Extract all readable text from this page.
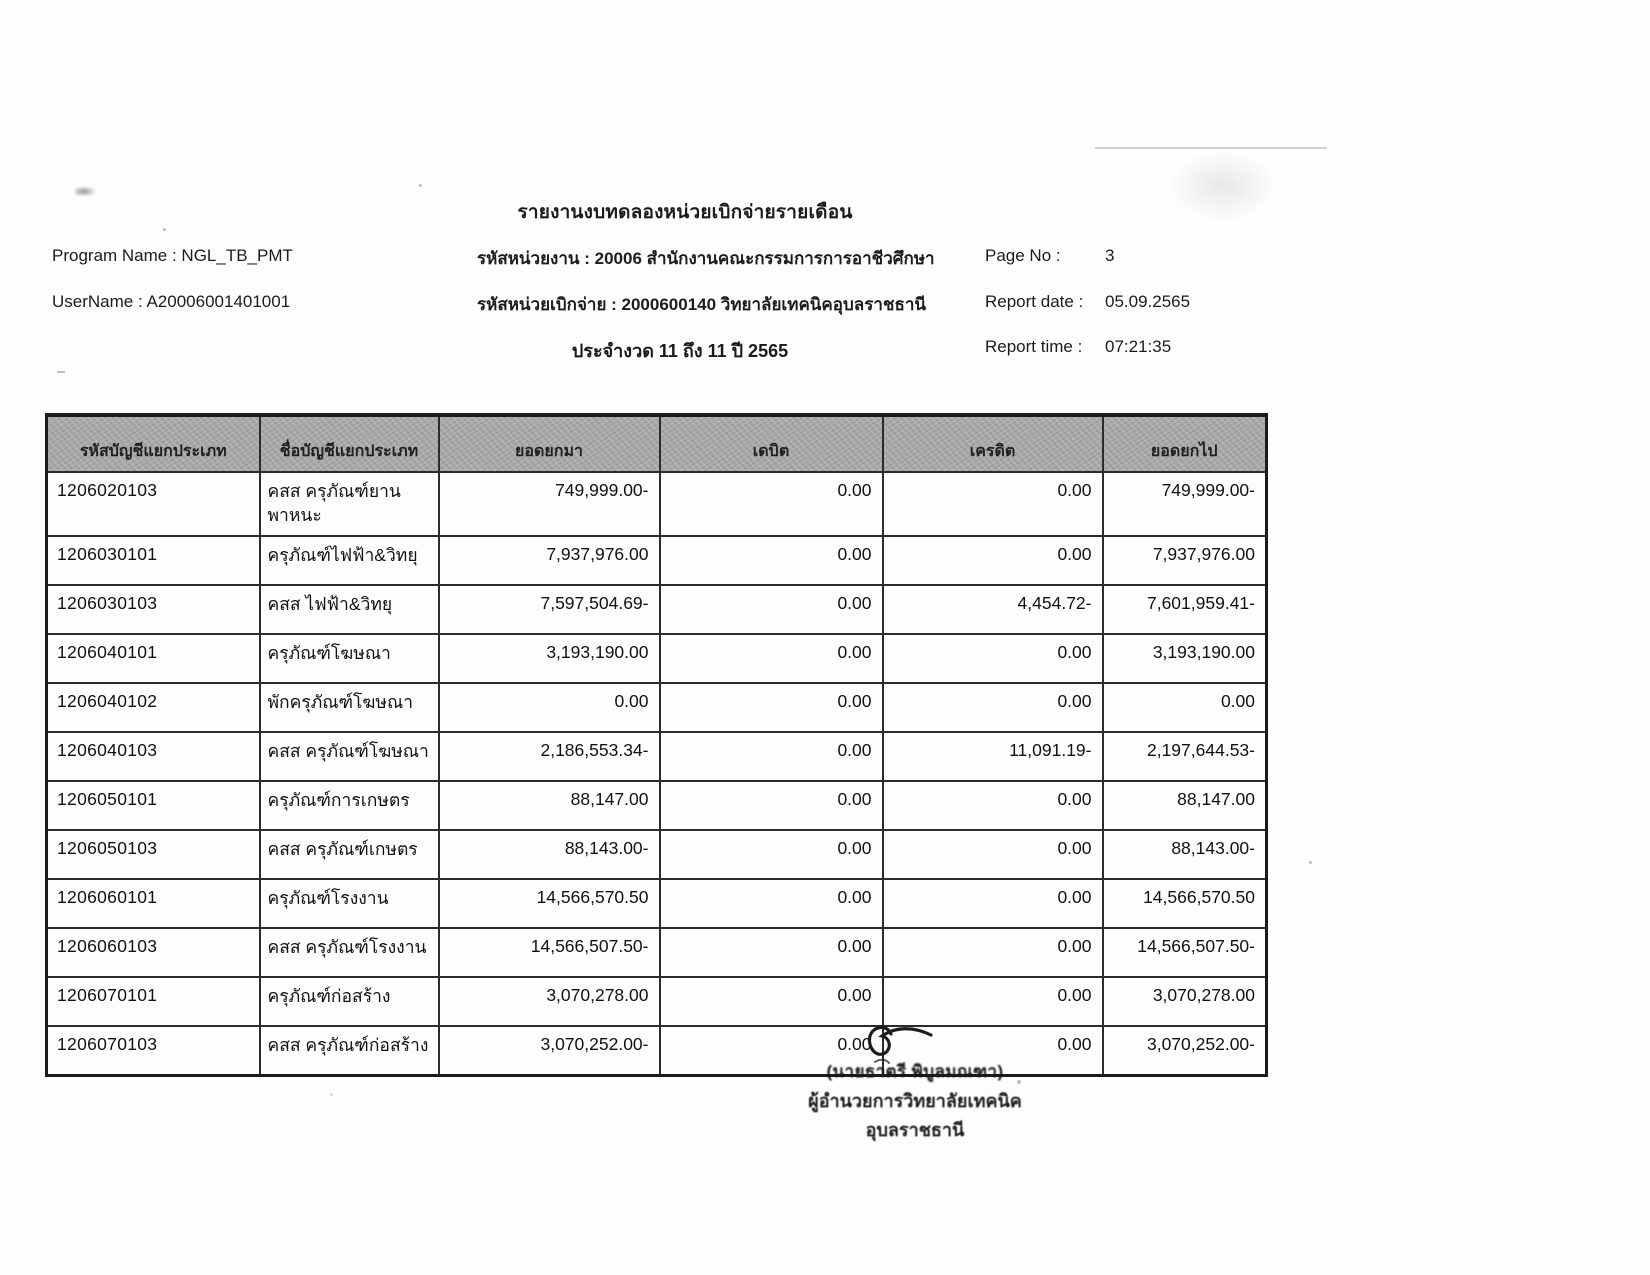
รายงานงบทดลองหน่วยเบิกจ่ายรายเดือน
Program Name : NGL_TB_PMT
UserName : A20006001401001
รหัสหน่วยงาน : 20006 สำนักงานคณะกรรมการการอาชีวศึกษา
รหัสหน่วยเบิกจ่าย : 2000600140 วิทยาลัยเทคนิคอุบลราชธานี
ประจำงวด 11 ถึง 11 ปี 2565
Page No :	3
Report date : 05.09.2565
Report time : 07:21:35
รหัสบัญชีแยกประเภท	ชื่อบัญชีแยกประเภท	ยอดยกมา	เดบิต	เครดิต	ยอดยกไป
1206020103	คสส ครุภัณฑ์ยานพาหนะ	749,999.00-	0.00	0.00	749,999.00-
1206030101	ครุภัณฑ์ไฟฟ้า&วิทยุ	7,937,976.00	0.00	0.00	7,937,976.00
1206030103	คสส ไฟฟ้า&วิทยุ	7,597,504.69-	0.00	4,454.72-	7,601,959.41-
1206040101	ครุภัณฑ์โฆษณา	3,193,190.00	0.00	0.00	3,193,190.00
1206040102	พักครุภัณฑ์โฆษณา	0.00	0.00	0.00	0.00
1206040103	คสส ครุภัณฑ์โฆษณา	2,186,553.34-	0.00	11,091.19-	2,197,644.53-
1206050101	ครุภัณฑ์การเกษตร	88,147.00	0.00	0.00	88,147.00
1206050103	คสส ครุภัณฑ์เกษตร	88,143.00-	0.00	0.00	88,143.00-
1206060101	ครุภัณฑ์โรงงาน	14,566,570.50	0.00	0.00	14,566,570.50
1206060103	คสส ครุภัณฑ์โรงงาน	14,566,507.50-	0.00	0.00	14,566,507.50-
1206070101	ครุภัณฑ์ก่อสร้าง	3,070,278.00	0.00	0.00	3,070,278.00
1206070103	คสส ครุภัณฑ์ก่อสร้าง	3,070,252.00-	0.00	0.00	3,070,252.00-
(นายธาตรี พิบูลมณฑา)
ผู้อำนวยการวิทยาลัยเทคนิคอุบลราชธานี
